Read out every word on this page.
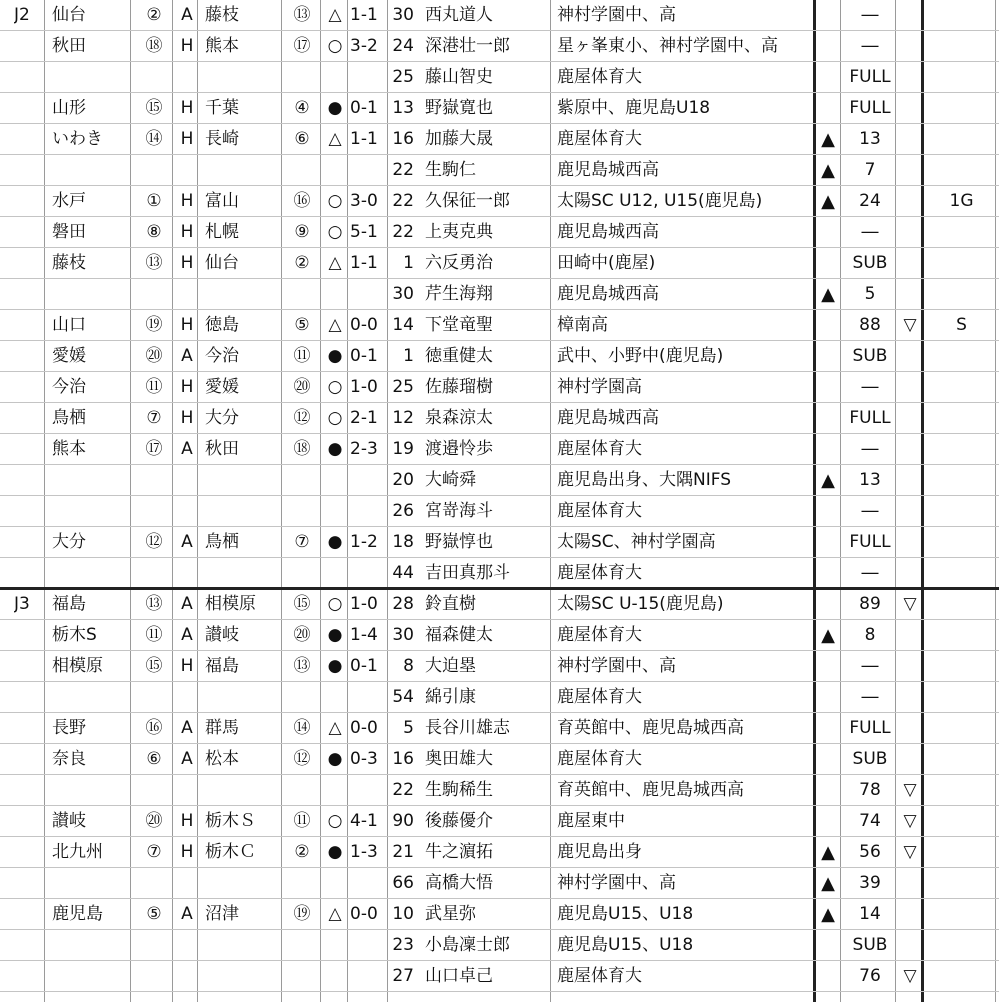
J2	仙台	②	A 藤枝	⑬	△ 1-1 30 西丸道人	神村学園中、高	―
秋田	⑱	H 熊本	⑰	○ 3-2 24 深港壮一郎	星ヶ峯東小、神村学園中、高	―
25 藤山智史	鹿屋体育大	FULL
山形	⑮	H 千葉	④	● 0-1 13 野嶽寛也	紫原中、鹿児島U18	FULL
いわき	⑭	H 長崎	⑥	△ 1-1 16 加藤大晟	鹿屋体育大	▲	13
22 生駒仁	鹿児島城西高	▲	7
水戸	①	H 富山	⑯	○ 3-0 22 久保征一郎	太陽SC U12, U15(鹿児島)	▲	24	1G
磐田	⑧	H 札幌	⑨	○ 5-1 22 上夷克典	鹿児島城西高	―
藤枝	⑬	H 仙台	②	△ 1-1	1 六反勇治	田崎中(鹿屋)	SUB
30 芹生海翔	鹿児島城西高	▲	5
山口	⑲	H 徳島	⑤	△ 0-0 14 下堂竜聖	樟南高	88	▽	S
愛媛	⑳	A 今治	⑪	● 0-1	1 徳重健太	武中、小野中(鹿児島)	SUB
今治	⑪	H 愛媛	⑳	○ 1-0 25 佐藤瑠樹	神村学園高	―
鳥栖	⑦	H 大分	⑫	○ 2-1 12 泉森涼太	鹿児島城西高	FULL
熊本	⑰	A 秋田	⑱	● 2-3 19 渡邉怜歩	鹿屋体育大	―
20 大崎舜	鹿児島出身、大隅NIFS	▲	13
26 宮嵜海斗	鹿屋体育大	―
大分	⑫	A 鳥栖	⑦	● 1-2 18 野嶽惇也	太陽SC、神村学園高	FULL
44 吉田真那斗	鹿屋体育大	―
J3	福島	⑬	A 相模原	⑮	○ 1-0 28 鈴直樹	太陽SC U-15(鹿児島)	89	▽
栃木S	⑪	A 讃岐	⑳	● 1-4 30 福森健太	鹿屋体育大	▲	8
相模原	⑮	H 福島	⑬	● 0-1	8 大迫塁	神村学園中、高	―
54 綿引康	鹿屋体育大	―
長野	⑯	A 群馬	⑭	△ 0-0	5 長谷川雄志	育英館中、鹿児島城西高	FULL
奈良	⑥	A 松本	⑫	● 0-3 16 奥田雄大	鹿屋体育大	SUB
22 生駒稀生	育英館中、鹿児島城西高	78	▽
讃岐	⑳	H 栃木Ｓ	⑪	○ 4-1 90 後藤優介	鹿屋東中	74	▽
北九州	⑦	H 栃木Ｃ	②	● 1-3 21 牛之濵拓	鹿児島出身	▲	56	▽
66 高橋大悟	神村学園中、高	▲	39
鹿児島	⑤	A 沼津	⑲	△ 0-0 10 武星弥	鹿児島U15、U18	▲	14
23 小島凜士郎	鹿児島U15、U18	SUB
27 山口卓己	鹿屋体育大	76	▽
